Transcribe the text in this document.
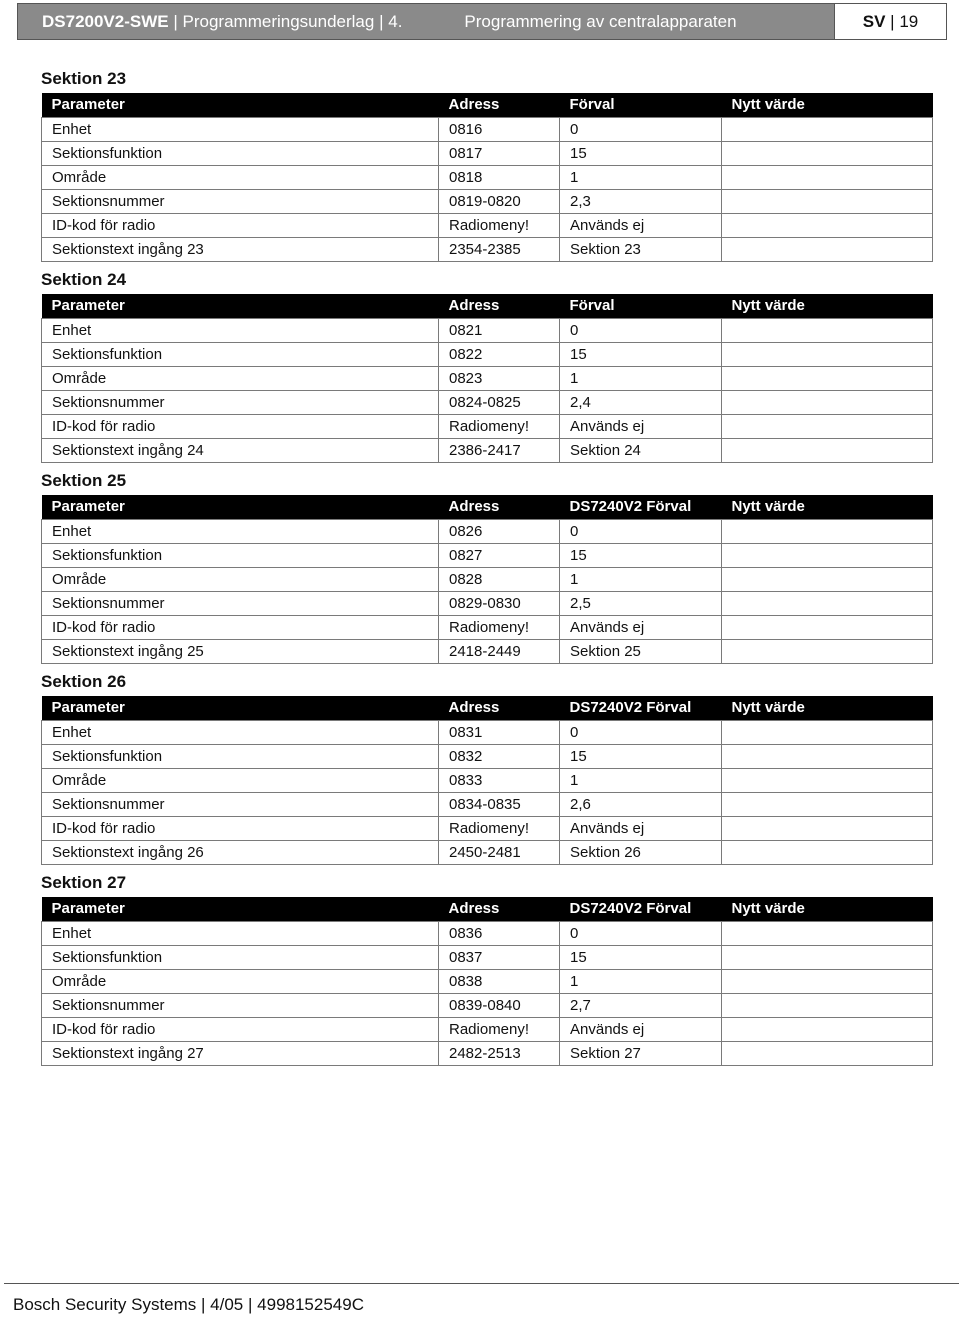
DS7200V2-SWE
|
Programmeringsunderlag
|
4.	Programmering av centralapparaten	SV
|
19
Sektion 23
Parameter	Adress	Förval	Nytt värde
Enhet	0816	0	
Sektionsfunktion	0817	15	
Område	0818	1	
Sektionsnummer	0819-0820	2,3	
ID-kod för radio	Radiomeny!	Används ej	
Sektionstext ingång 23	2354-2385	Sektion 23	
Sektion 24
Parameter	Adress	Förval	Nytt värde
Enhet	0821	0	
Sektionsfunktion	0822	15	
Område	0823	1	
Sektionsnummer	0824-0825	2,4	
ID-kod för radio	Radiomeny!	Används ej	
Sektionstext ingång 24	2386-2417	Sektion 24	
Sektion 25
Parameter	Adress	DS7240V2 Förval	Nytt värde
Enhet	0826	0	
Sektionsfunktion	0827	15	
Område	0828	1	
Sektionsnummer	0829-0830	2,5	
ID-kod för radio	Radiomeny!	Används ej	
Sektionstext ingång 25	2418-2449	Sektion 25	
Sektion 26
Parameter	Adress	DS7240V2 Förval	Nytt värde
Enhet	0831	0	
Sektionsfunktion	0832	15	
Område	0833	1	
Sektionsnummer	0834-0835	2,6	
ID-kod för radio	Radiomeny!	Används ej	
Sektionstext ingång 26	2450-2481	Sektion 26	
Sektion 27
Parameter	Adress	DS7240V2 Förval	Nytt värde
Enhet	0836	0	
Sektionsfunktion	0837	15	
Område	0838	1	
Sektionsnummer	0839-0840	2,7	
ID-kod för radio	Radiomeny!	Används ej	
Sektionstext ingång 27	2482-2513	Sektion 27	
Bosch Security Systems | 4/05 | 4998152549C
